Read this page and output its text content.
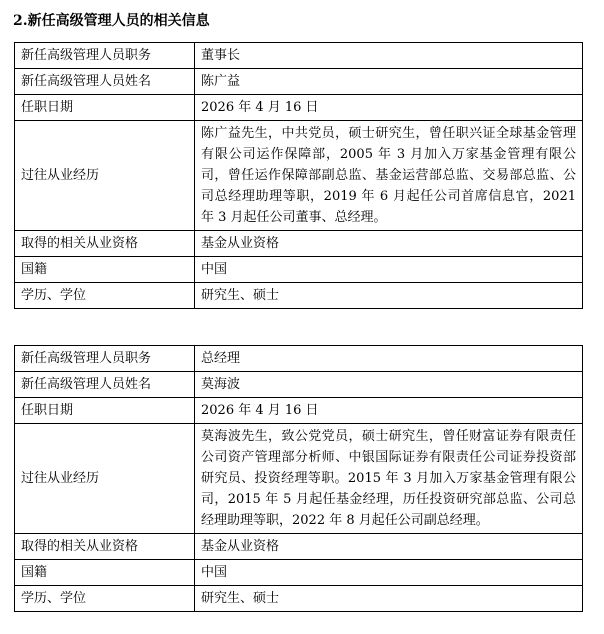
2.新任高级管理人员的相关信息

新任高级管理人员职务	董事长
新任高级管理人员姓名	陈广益
任职日期	2026 年 4 月 16 日
过往从业经历	陈广益先生，中共党员，硕士研究生，曾任职兴证全球基金管理有限公司运作保障部，2005 年 3 月加入万家基金管理有限公司，曾任运作保障部副总监、基金运营部总监、交易部总监、公司总经理助理等职，2019 年 6 月起任公司首席信息官，2021 年 3 月起任公司董事、总经理。

取得的相关从业资格	基金从业资格
国籍	中国
学历、学位	研究生、硕士
新任高级管理人员职务	总经理
新任高级管理人员姓名	莫海波
任职日期	2026 年 4 月 16 日
过往从业经历	莫海波先生，致公党党员，硕士研究生，曾任财富证券有限责任公司资产管理部分析师、中银国际证券有限责任公司证券投资部研究员、投资经理等职。2015 年 3 月加入万家基金管理有限公司，2015 年 5 月起任基金经理，历任投资研究部总监、公司总经理助理等职，2022 年 8 月起任公司副总经理。

取得的相关从业资格	基金从业资格
国籍	中国
学历、学位	研究生、硕士
